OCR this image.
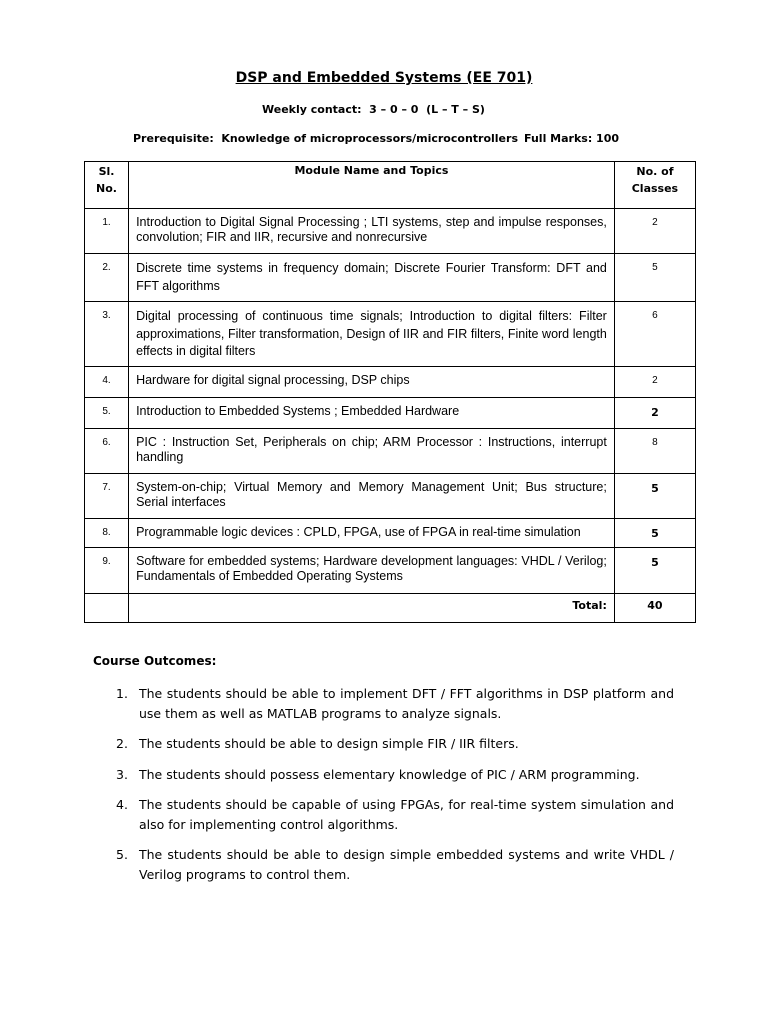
DSP and Embedded Systems (EE 701)
Weekly contact:  3 – 0 – 0  (L – T – S)
Prerequisite:  Knowledge of microprocessors/microcontrollers Full Marks: 100
Sl. No.	Module Name and Topics	No. of Classes

1.	Introduction to Digital Signal Processing ; LTI systems, step and impulse responses, convolution; FIR and IIR, recursive and nonrecursive	2
2.	Discrete time systems in frequency domain; Discrete Fourier Transform: DFT and FFT algorithms	5
3.	Digital processing of continuous time signals; Introduction to digital filters: Filter approximations, Filter transformation, Design of IIR and FIR filters, Finite word length effects in digital filters	6
4.	Hardware for digital signal processing, DSP chips	2
5.	Introduction to Embedded Systems ; Embedded Hardware	2
6.	PIC : Instruction Set, Peripherals on chip; ARM Processor : Instructions, interrupt handling	8
7.	System-on-chip; Virtual Memory and Memory Management Unit; Bus structure; Serial interfaces	5
8.	Programmable logic devices : CPLD, FPGA, use of FPGA in real-time simulation	5
9.	Software for embedded systems; Hardware development languages: VHDL / Verilog; Fundamentals of Embedded Operating Systems	5
	Total:	40
Course Outcomes:
1. The students should be able to implement DFT / FFT algorithms in DSP platform and use them as well as MATLAB programs to analyze signals.
2. The students should be able to design simple FIR / IIR filters.
3. The students should possess elementary knowledge of PIC / ARM programming.
4. The students should be capable of using FPGAs, for real-time system simulation and also for implementing control algorithms.
5. The students should be able to design simple embedded systems and write VHDL / Verilog programs to control them.
